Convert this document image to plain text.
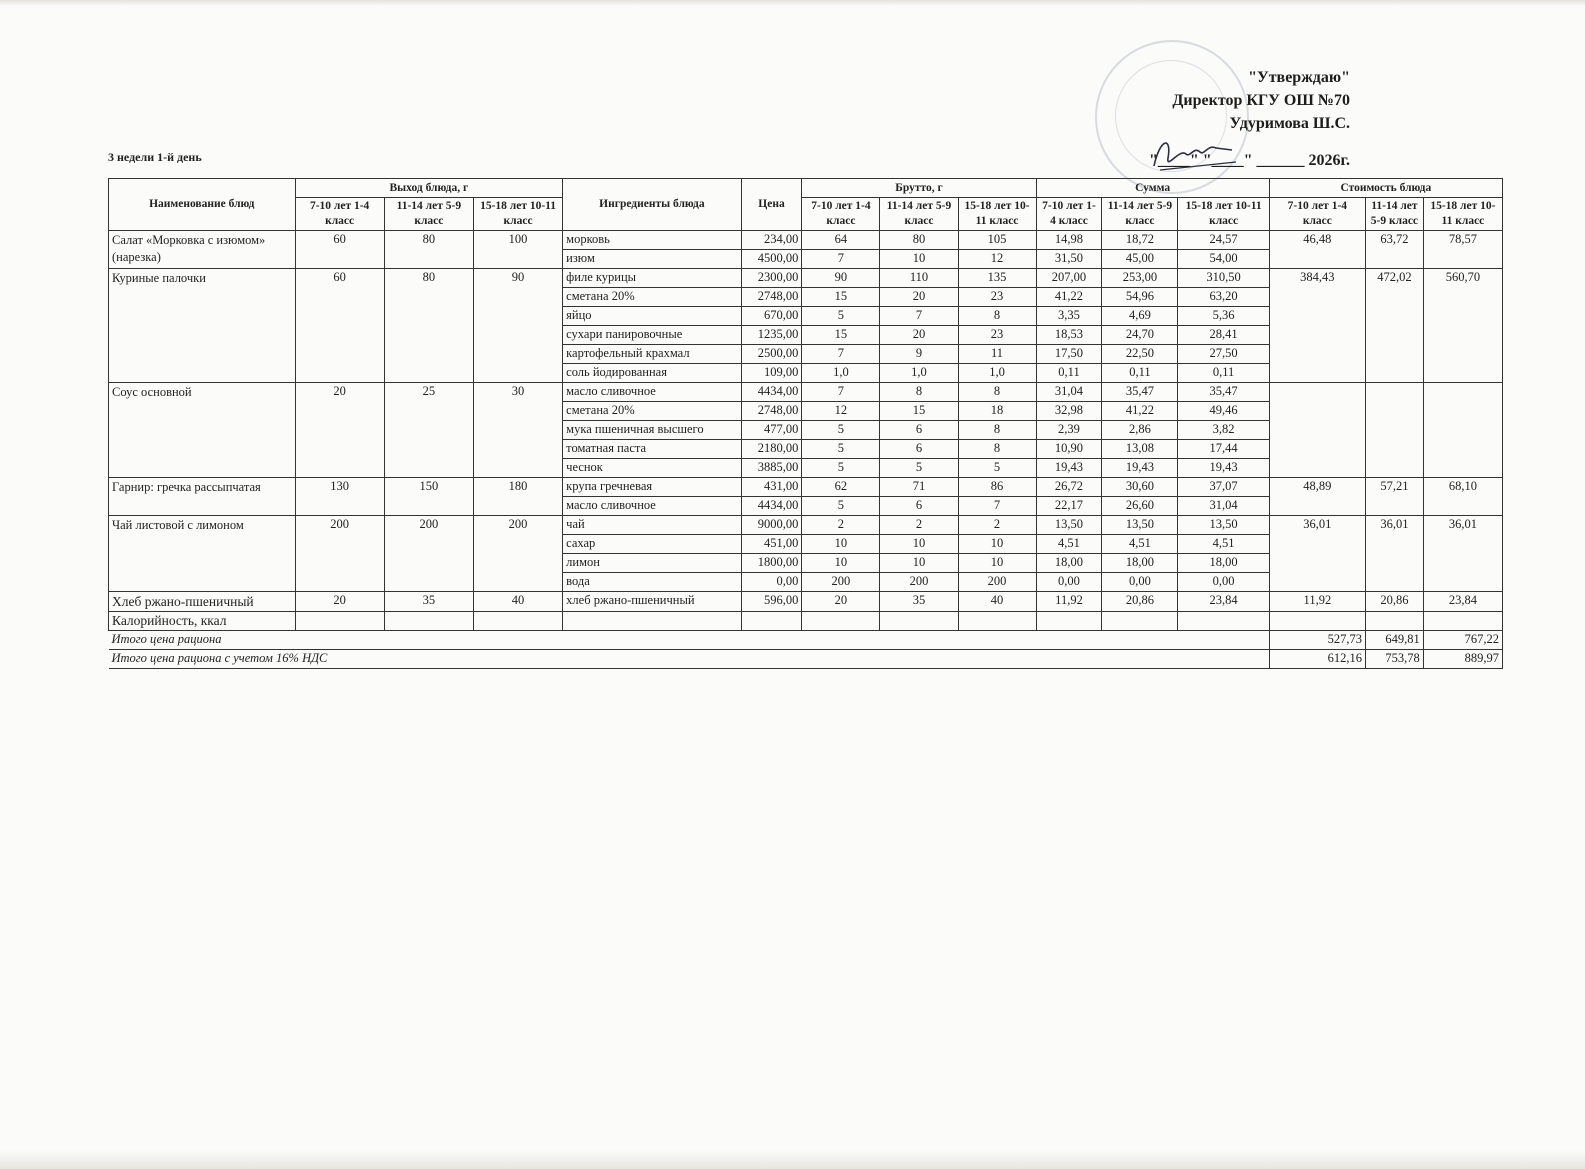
"Утверждаю"
Директор КГУ ОШ №70
Удуримова Ш.С.
"____" "____" ______ 2026г.
3 недели 1-й день
Наименование блюд	Выход блюда, г			Ингредиенты блюда	Цена	Брутто, г			Сумма			Стоимость блюда		
	7-10 лет 1-4 класс	11-14 лет 5-9 класс	15-18 лет 10-11 класс			7-10 лет 1-4 класс	11-14 лет 5-9 класс	15-18 лет 10-11 класс	7-10 лет 1-4 класс	11-14 лет 5-9 класс	15-18 лет 10-11 класс	7-10 лет 1-4 класс	11-14 лет 5-9 класс	15-18 лет 10-11 класс
Салат «Морковка с изюмом» (нарезка)	60	80	100	морковь	234,00	64	80	105	14,98	18,72	24,57	46,48	63,72	78,57
				изюм	4500,00	7	10	12	31,50	45,00	54,00			
Куриные палочки	60	80	90	филе курицы	2300,00	90	110	135	207,00	253,00	310,50	384,43	472,02	560,70
				сметана 20%	2748,00	15	20	23	41,22	54,96	63,20			
				яйцо	670,00	5	7	8	3,35	4,69	5,36			
				сухари панировочные	1235,00	15	20	23	18,53	24,70	28,41			
				картофельный крахмал	2500,00	7	9	11	17,50	22,50	27,50			
				соль йодированная	109,00	1,0	1,0	1,0	0,11	0,11	0,11			
Соус основной	20	25	30	масло сливочное	4434,00	7	8	8	31,04	35,47	35,47			
				сметана 20%	2748,00	12	15	18	32,98	41,22	49,46			
				мука пшеничная высшего	477,00	5	6	8	2,39	2,86	3,82			
				томатная паста	2180,00	5	6	8	10,90	13,08	17,44			
				чеснок	3885,00	5	5	5	19,43	19,43	19,43			
Гарнир: гречка рассыпчатая	130	150	180	крупа гречневая	431,00	62	71	86	26,72	30,60	37,07	48,89	57,21	68,10
				масло сливочное	4434,00	5	6	7	22,17	26,60	31,04			
Чай листовой с лимоном	200	200	200	чай	9000,00	2	2	2	13,50	13,50	13,50	36,01	36,01	36,01
				сахар	451,00	10	10	10	4,51	4,51	4,51			
				лимон	1800,00	10	10	10	18,00	18,00	18,00			
				вода	0,00	200	200	200	0,00	0,00	0,00			
Хлеб ржано-пшеничный	20	35	40	хлеб ржано-пшеничный	596,00	20	35	40	11,92	20,86	23,84	11,92	20,86	23,84
Калорийность, ккал														
Итого цена рациона												527,73	649,81	767,22
Итого цена рациона с учетом 16% НДС												612,16	753,78	889,97
